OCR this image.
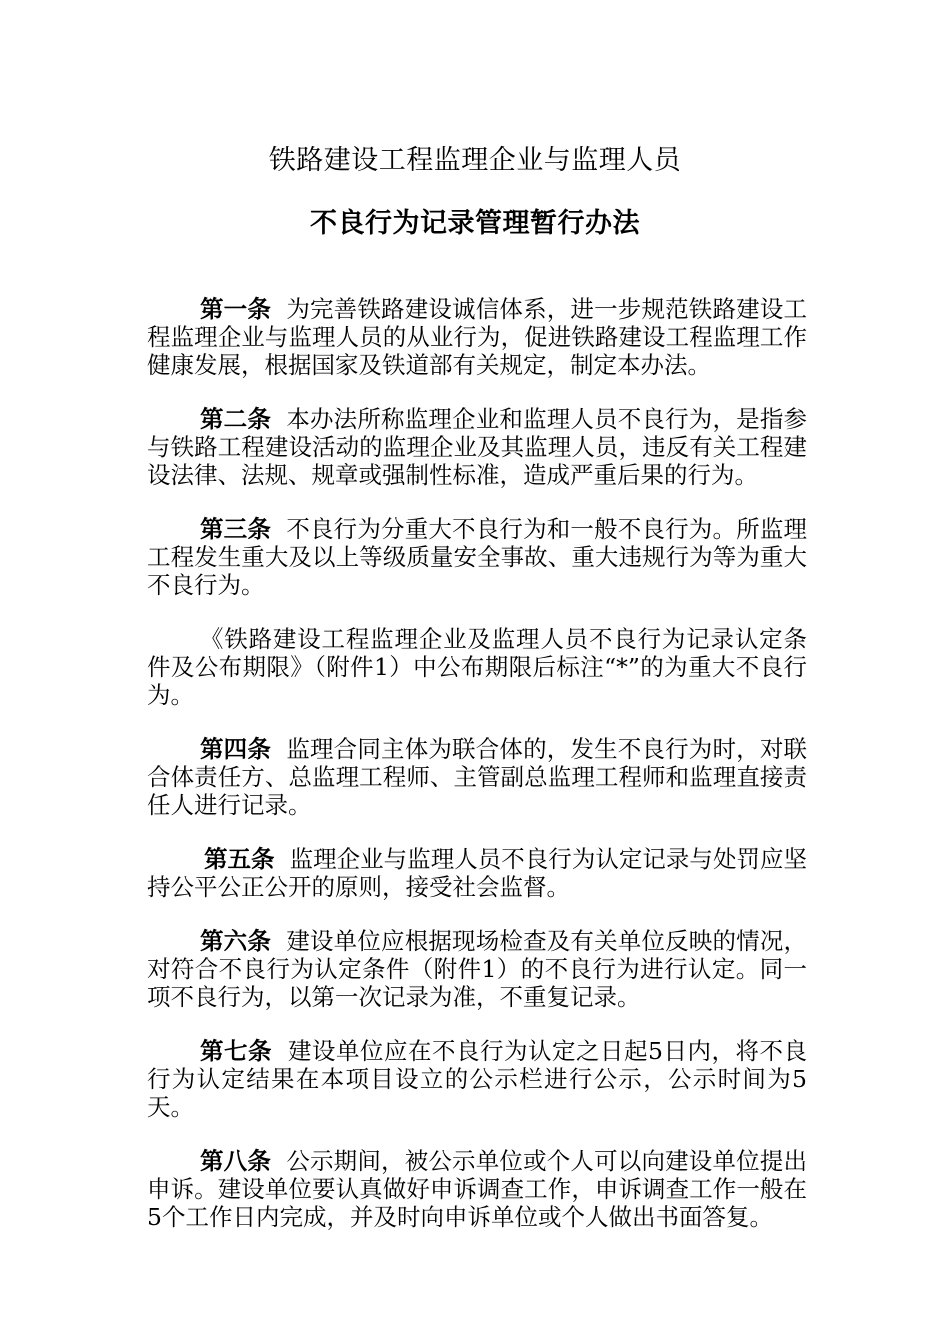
铁路建设工程监理企业与监理人员
不良行为记录管理暂行办法

第一条 为完善铁路建设诚信体系，进一步规范铁路建设工程监理企业与监理人员的从业行为，促进铁路建设工程监理工作健康发展，根据国家及铁道部有关规定，制定本办法。

第二条 本办法所称监理企业和监理人员不良行为，是指参与铁路工程建设活动的监理企业及其监理人员，违反有关工程建设法律、法规、规章或强制性标准，造成严重后果的行为。

第三条 不良行为分重大不良行为和一般不良行为。所监理工程发生重大及以上等级质量安全事故、重大违规行为等为重大不良行为。

《铁路建设工程监理企业及监理人员不良行为记录认定条件及公布期限》（附件1）中公布期限后标注“*”的为重大不良行为。

第四条 监理合同主体为联合体的，发生不良行为时，对联合体责任方、总监理工程师、主管副总监理工程师和监理直接责任人进行记录。

第五条 监理企业与监理人员不良行为认定记录与处罚应坚持公平公正公开的原则，接受社会监督。

第六条 建设单位应根据现场检查及有关单位反映的情况，对符合不良行为认定条件（附件1）的不良行为进行认定。同一项不良行为，以第一次记录为准，不重复记录。

第七条 建设单位应在不良行为认定之日起5日内，将不良行为认定结果在本项目设立的公示栏进行公示，公示时间为5天。

第八条 公示期间，被公示单位或个人可以向建设单位提出申诉。建设单位要认真做好申诉调查工作，申诉调查工作一般在5个工作日内完成，并及时向申诉单位或个人做出书面答复。
